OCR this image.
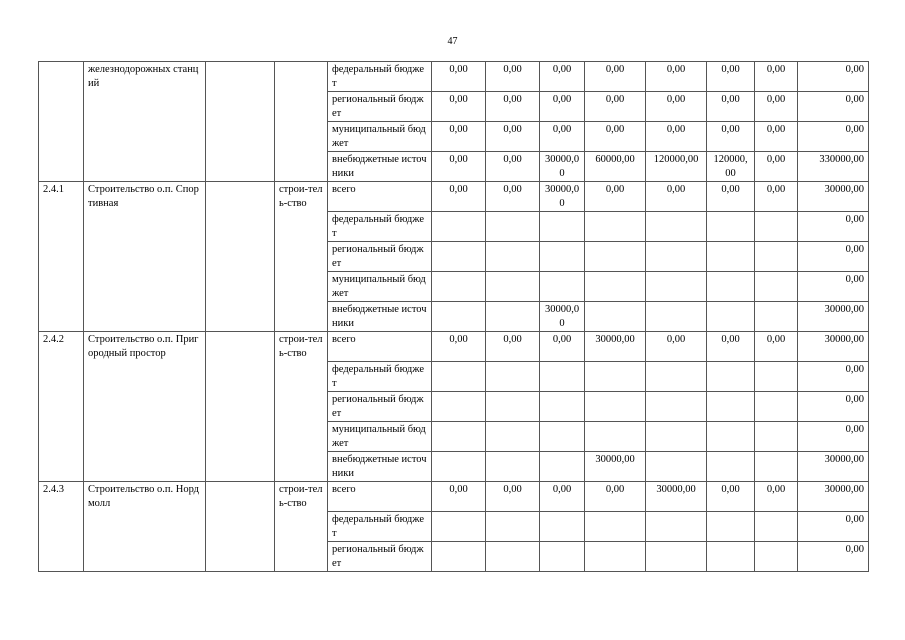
47
	железнодорожных станций			федеральный бюджет	0,00	0,00	0,00	0,00	0,00	0,00	0,00	0,00
				региональный бюджет	0,00	0,00	0,00	0,00	0,00	0,00	0,00	0,00
				муниципальный бюджет	0,00	0,00	0,00	0,00	0,00	0,00	0,00	0,00
				внебюджетные источники	0,00	0,00	30000,00	60000,00	120000,00	120000,00	0,00	330000,00
2.4.1	Строительство о.п. Спортивная		строи-тель-ство	всего	0,00	0,00	30000,00	0,00	0,00	0,00	0,00	30000,00
				федеральный бюджет								0,00
				региональный бюджет								0,00
				муниципальный бюджет								0,00
				внебюджетные источники			30000,00					30000,00
2.4.2	Строительство о.п. Пригородный простор		строи-тель-ство	всего	0,00	0,00	0,00	30000,00	0,00	0,00	0,00	30000,00
				федеральный бюджет								0,00
				региональный бюджет								0,00
				муниципальный бюджет								0,00
				внебюджетные источники				30000,00				30000,00
2.4.3	Строительство о.п. Нордмолл		строи-тель-ство	всего	0,00	0,00	0,00	0,00	30000,00	0,00	0,00	30000,00
				федеральный бюджет								0,00
				региональный бюджет								0,00
